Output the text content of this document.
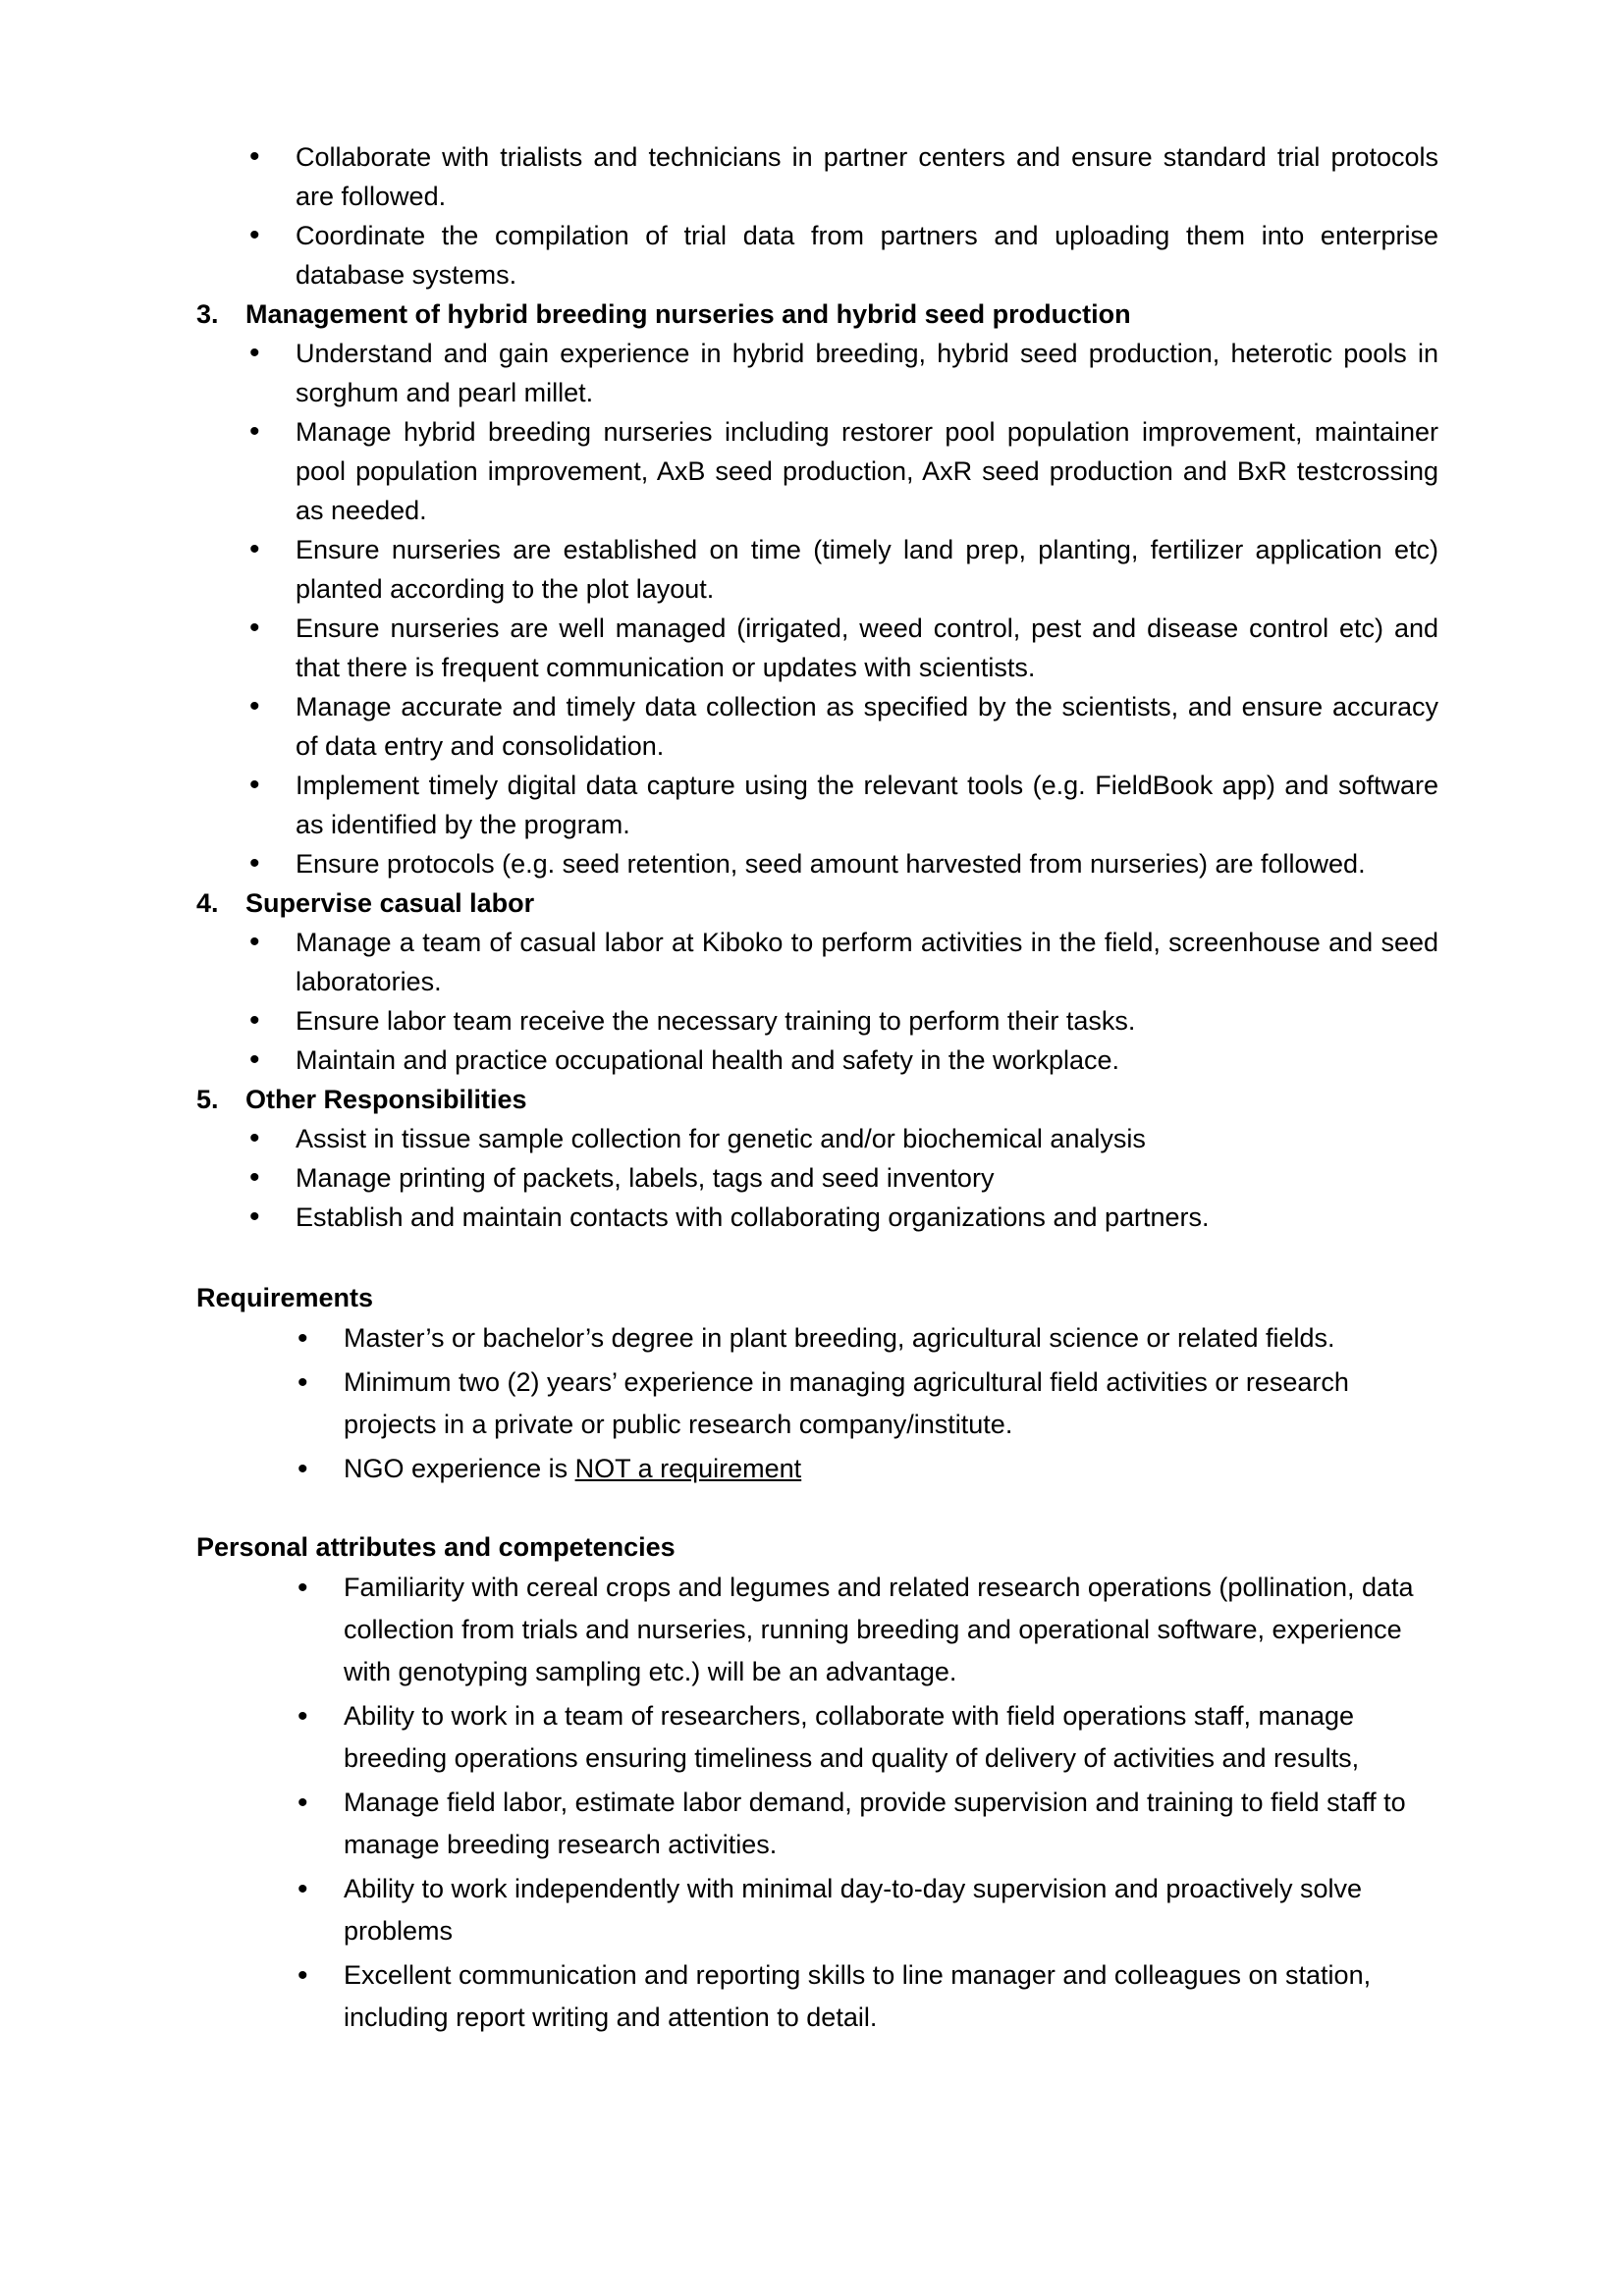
• Collaborate with trialists and technicians in partner centers and ensure standard trial protocols are followed.
• Coordinate the compilation of trial data from partners and uploading them into enterprise database systems.
3. Management of hybrid breeding nurseries and hybrid seed production
• Understand and gain experience in hybrid breeding, hybrid seed production, heterotic pools in sorghum and pearl millet.
• Manage hybrid breeding nurseries including restorer pool population improvement, maintainer pool population improvement, AxB seed production, AxR seed production and BxR testcrossing as needed.
• Ensure nurseries are established on time (timely land prep, planting, fertilizer application etc) planted according to the plot layout.
• Ensure nurseries are well managed (irrigated, weed control, pest and disease control etc) and that there is frequent communication or updates with scientists.
• Manage accurate and timely data collection as specified by the scientists, and ensure accuracy of data entry and consolidation.
• Implement timely digital data capture using the relevant tools (e.g. FieldBook app) and software as identified by the program.
• Ensure protocols (e.g. seed retention, seed amount harvested from nurseries) are followed.
4. Supervise casual labor
• Manage a team of casual labor at Kiboko to perform activities in the field, screenhouse and seed laboratories.
• Ensure labor team receive the necessary training to perform their tasks.
• Maintain and practice occupational health and safety in the workplace.
5. Other Responsibilities
• Assist in tissue sample collection for genetic and/or biochemical analysis
• Manage printing of packets, labels, tags and seed inventory
• Establish and maintain contacts with collaborating organizations and partners.
Requirements
• Master’s or bachelor’s degree in plant breeding, agricultural science or related fields.
• Minimum two (2) years’ experience in managing agricultural field activities or research projects in a private or public research company/institute.
• NGO experience is NOT a requirement
Personal attributes and competencies
• Familiarity with cereal crops and legumes and related research operations (pollination, data collection from trials and nurseries, running breeding and operational software, experience with genotyping sampling etc.) will be an advantage.
• Ability to work in a team of researchers, collaborate with field operations staff, manage breeding operations ensuring timeliness and quality of delivery of activities and results,
• Manage field labor, estimate labor demand, provide supervision and training to field staff to manage breeding research activities.
• Ability to work independently with minimal day-to-day supervision and proactively solve problems
• Excellent communication and reporting skills to line manager and colleagues on station, including report writing and attention to detail.
